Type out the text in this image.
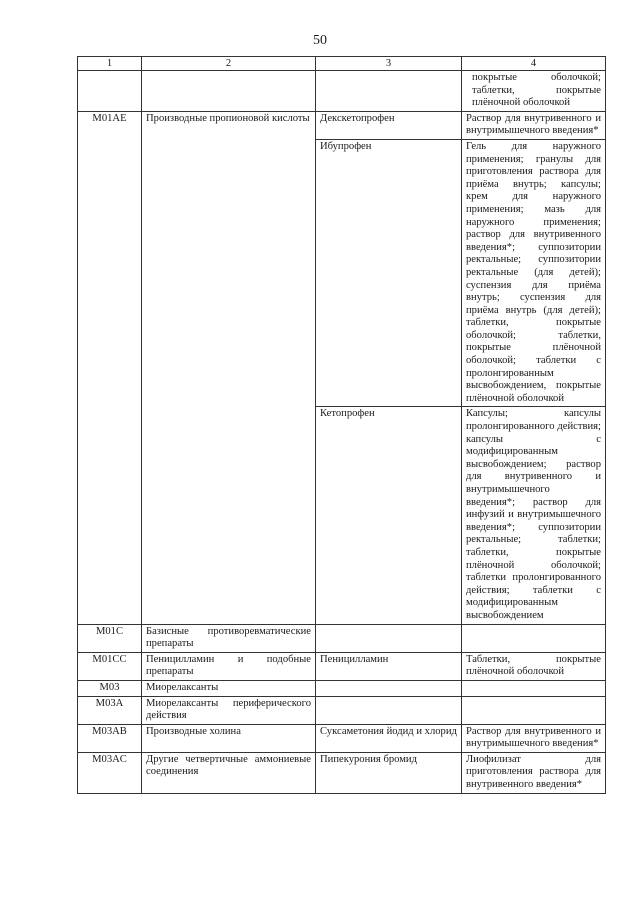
50
1	2	3	4
			покрытые оболочкой; таблетки, покрытые плёночной оболочкой
M01AE	Производные пропионовой кислоты	Декскетопрофен	Раствор для внутривенного и внутримышечного введения*
		Ибупрофен	Гель для наружного применения; гранулы для приготовления раствора для приёма внутрь; капсулы; крем для наружного применения; мазь для наружного применения; раствор для внутривенного введения*; суппозитории ректальные; суппозитории ректальные (для детей); суспензия для приёма внутрь; суспензия для приёма внутрь (для детей); таблетки, покрытые оболочкой; таблетки, покрытые плёночной оболочкой; таблетки с пролонгированным высвобождением, покрытые плёночной оболочкой
		Кетопрофен	Капсулы; капсулы пролонгированного действия; капсулы с модифицированным высвобождением; раствор для внутривенного и внутримышечного введения*; раствор для инфузий и внутримышечного введения*; суппозитории ректальные; таблетки; таблетки, покрытые плёночной оболочкой; таблетки пролонгированного действия; таблетки с модифицированным высвобождением
M01C	Базисные противоревматические препараты		
M01CC	Пеницилламин и подобные препараты	Пеницилламин	Таблетки, покрытые плёночной оболочкой
M03	Миорелаксанты		
M03A	Миорелаксанты периферического действия		
M03AB	Производные холина	Суксаметония йодид и хлорид	Раствор для внутривенного и внутримышечного введения*
M03AC	Другие четвертичные аммониевые соединения	Пипекурония бромид	Лиофилизат для приготовления раствора для внутривенного введения*
